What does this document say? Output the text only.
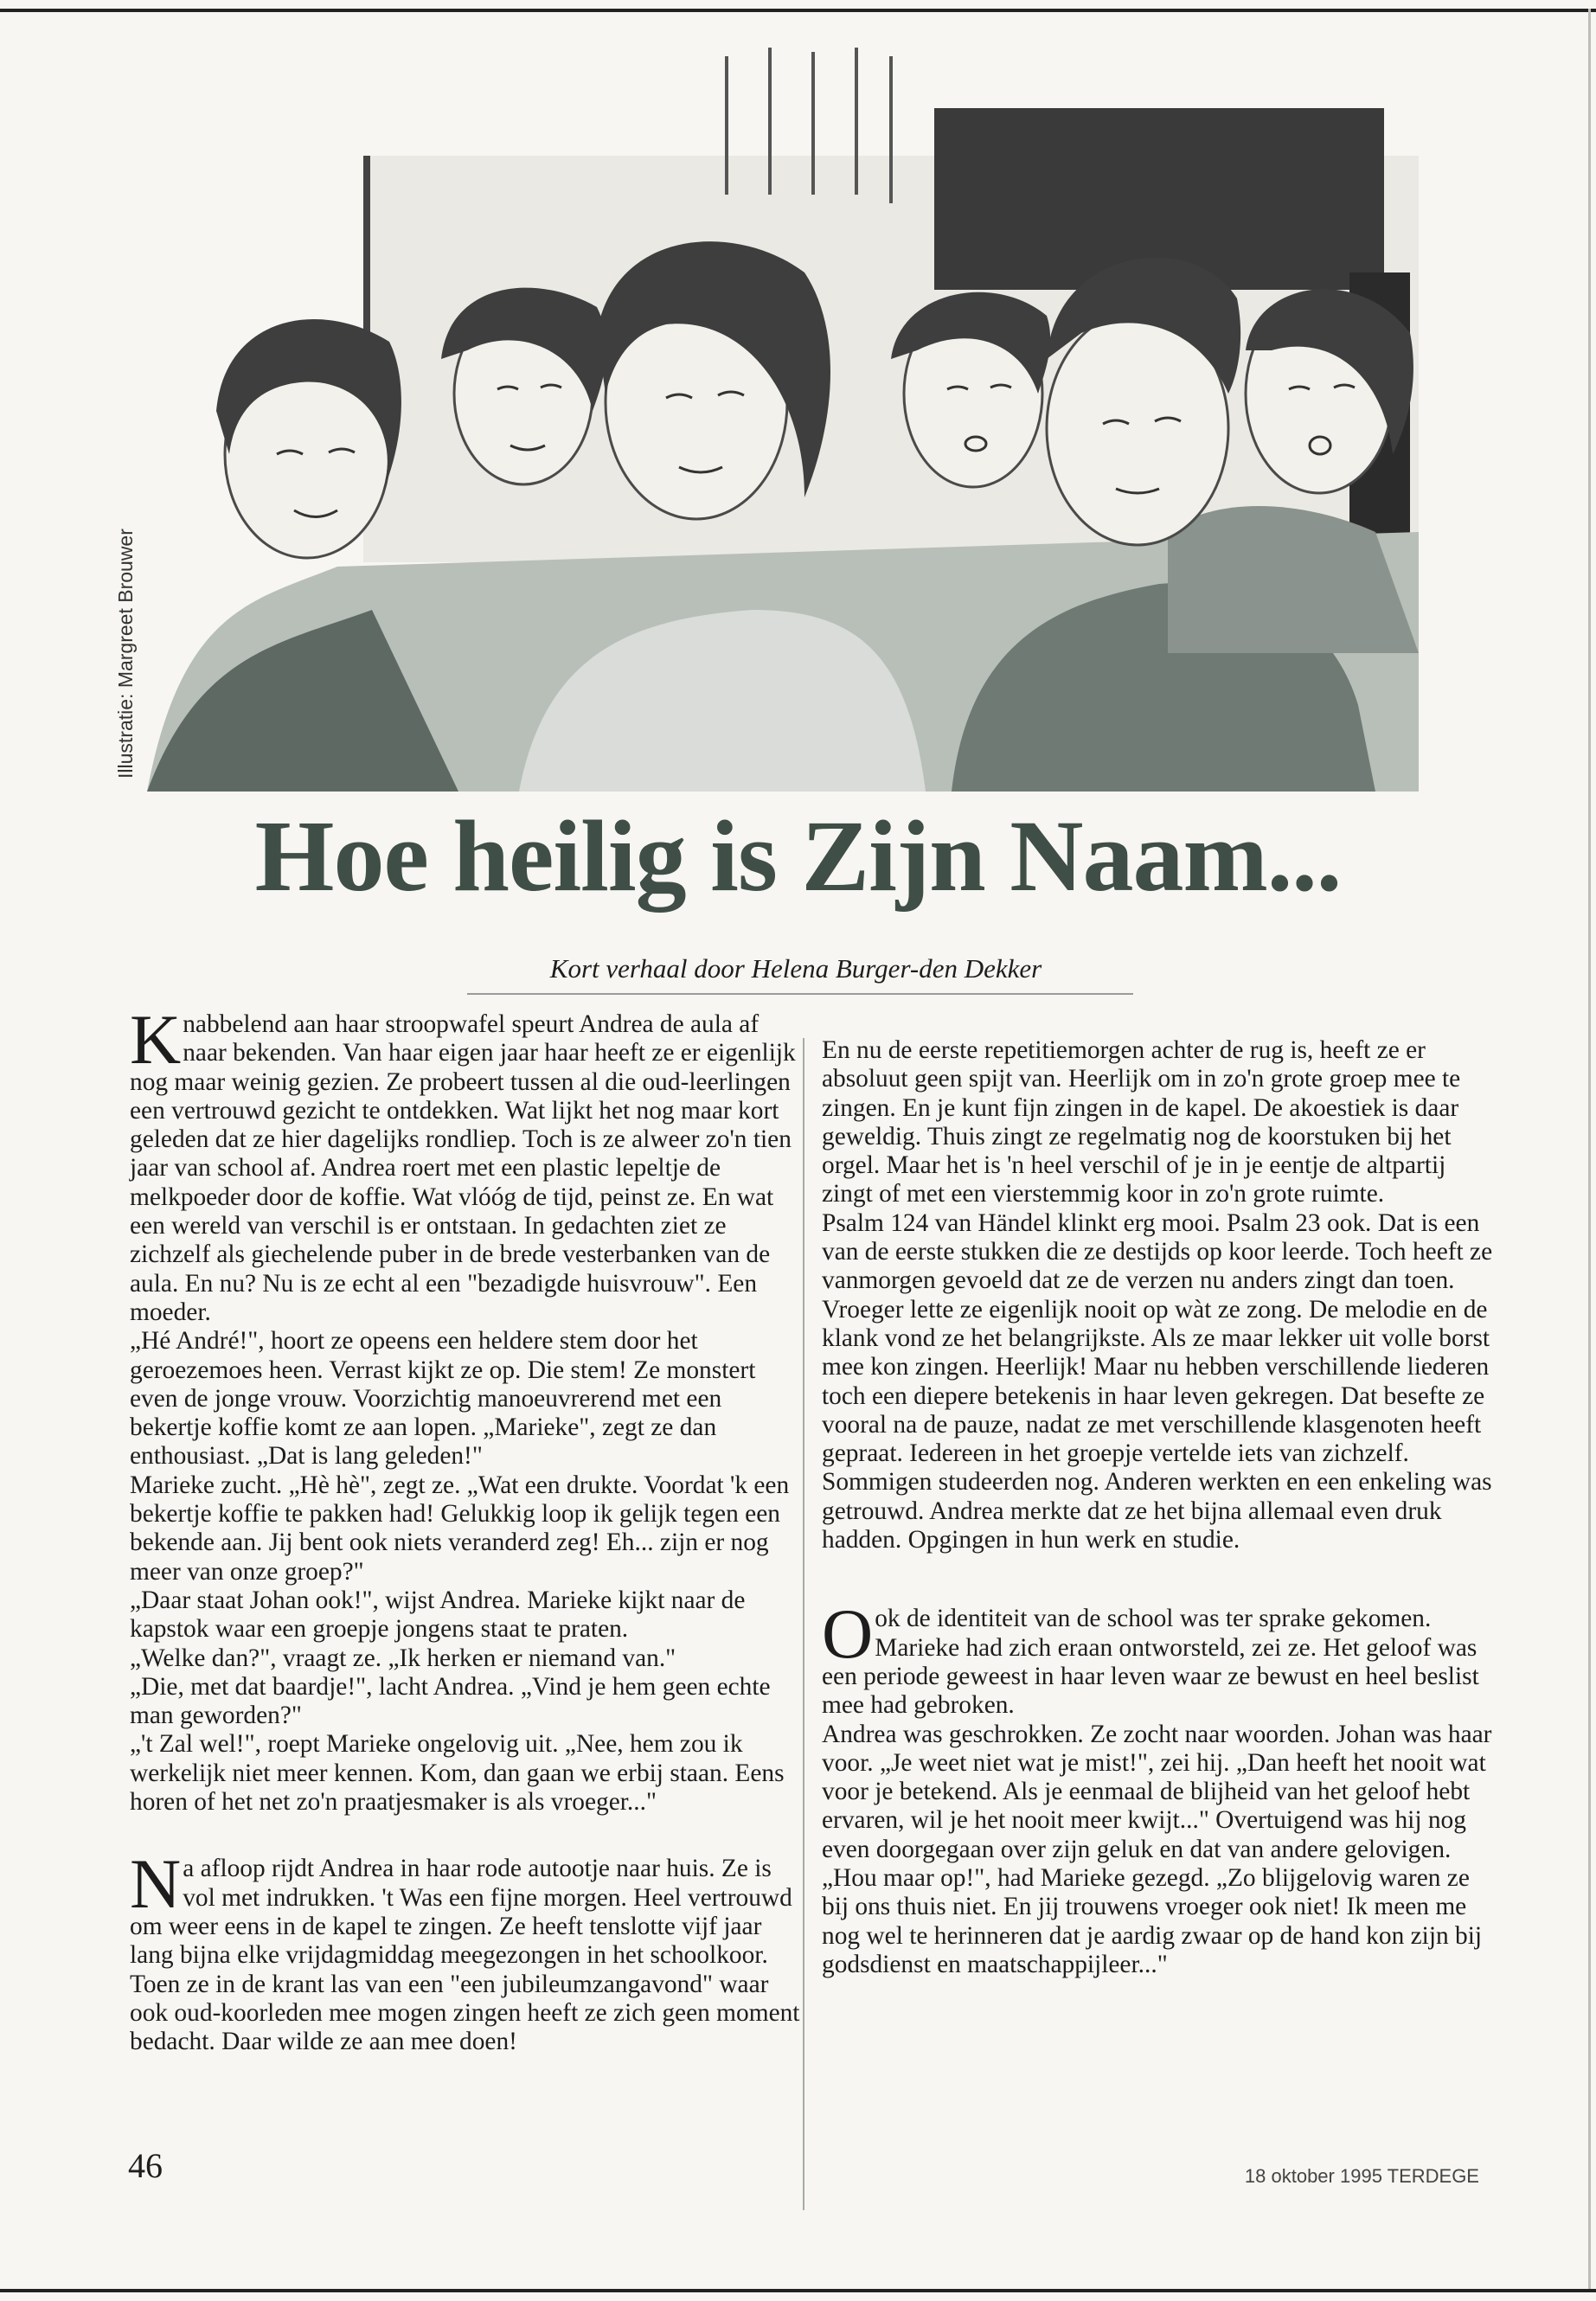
Illustratie: Margreet Brouwer
Hoe heilig is Zijn Naam...
Kort verhaal door Helena Burger-den Dekker

Knabbelend aan haar stroopwafel speurt Andrea de aula af naar bekenden. Van haar eigen jaar haar heeft ze er eigenlijk nog maar weinig gezien. Ze probeert tussen al die oud-leerlingen een vertrouwd gezicht te ontdekken. Wat lijkt het nog maar kort geleden dat ze hier dagelijks rondliep. Toch is ze alweer zo'n tien jaar van school af. Andrea roert met een plastic lepeltje de melkpoeder door de koffie. Wat vlóóg de tijd, peinst ze. En wat een wereld van verschil is er ontstaan. In gedachten ziet ze zichzelf als giechelende puber in de brede vesterbanken van de aula. En nu? Nu is ze echt al een "bezadigde huisvrouw". Een moeder.

„Hé André!", hoort ze opeens een heldere stem door het geroezemoes heen. Verrast kijkt ze op. Die stem! Ze monstert even de jonge vrouw. Voorzichtig manoeuvrerend met een bekertje koffie komt ze aan lopen. „Marieke", zegt ze dan enthousiast. „Dat is lang geleden!"

Marieke zucht. „Hè hè", zegt ze. „Wat een drukte. Voordat 'k een bekertje koffie te pakken had! Gelukkig loop ik gelijk tegen een bekende aan. Jij bent ook niets veranderd zeg! Eh... zijn er nog meer van onze groep?"

„Daar staat Johan ook!", wijst Andrea. Marieke kijkt naar de kapstok waar een groepje jongens staat te praten.

„Welke dan?", vraagt ze. „Ik herken er niemand van."

„Die, met dat baardje!", lacht Andrea. „Vind je hem geen echte man geworden?"

„'t Zal wel!", roept Marieke ongelovig uit. „Nee, hem zou ik werkelijk niet meer kennen. Kom, dan gaan we erbij staan. Eens horen of het net zo'n praatjesmaker is als vroeger..."

Na afloop rijdt Andrea in haar rode autootje naar huis. Ze is vol met indrukken. 't Was een fijne morgen. Heel vertrouwd om weer eens in de kapel te zingen. Ze heeft tenslotte vijf jaar lang bijna elke vrijdagmiddag meegezongen in het schoolkoor. Toen ze in de krant las van een "een jubileumzangavond" waar ook oud-koorleden mee mogen zingen heeft ze zich geen moment bedacht. Daar wilde ze aan mee doen!

En nu de eerste repetitiemorgen achter de rug is, heeft ze er absoluut geen spijt van. Heerlijk om in zo'n grote groep mee te zingen. En je kunt fijn zingen in de kapel. De akoestiek is daar geweldig. Thuis zingt ze regelmatig nog de koorstuken bij het orgel. Maar het is 'n heel verschil of je in je eentje de altpartij zingt of met een vierstemmig koor in zo'n grote ruimte.

Psalm 124 van Händel klinkt erg mooi. Psalm 23 ook. Dat is een van de eerste stukken die ze destijds op koor leerde. Toch heeft ze vanmorgen gevoeld dat ze de verzen nu anders zingt dan toen. Vroeger lette ze eigenlijk nooit op wàt ze zong. De melodie en de klank vond ze het belangrijkste. Als ze maar lekker uit volle borst mee kon zingen. Heerlijk! Maar nu hebben verschillende liederen toch een diepere betekenis in haar leven gekregen. Dat besefte ze vooral na de pauze, nadat ze met verschillende klasgenoten heeft gepraat. Iedereen in het groepje vertelde iets van zichzelf. Sommigen studeerden nog. Anderen werkten en een enkeling was getrouwd. Andrea merkte dat ze het bijna allemaal even druk hadden. Opgingen in hun werk en studie.

Ook de identiteit van de school was ter sprake gekomen. Marieke had zich eraan ontworsteld, zei ze. Het geloof was een periode geweest in haar leven waar ze bewust en heel beslist mee had gebroken.

Andrea was geschrokken. Ze zocht naar woorden. Johan was haar voor. „Je weet niet wat je mist!", zei hij. „Dan heeft het nooit wat voor je betekend. Als je eenmaal de blijheid van het geloof hebt ervaren, wil je het nooit meer kwijt..." Overtuigend was hij nog even doorgegaan over zijn geluk en dat van andere gelovigen.

„Hou maar op!", had Marieke gezegd. „Zo blijgelovig waren ze bij ons thuis niet. En jij trouwens vroeger ook niet! Ik meen me nog wel te herinneren dat je aardig zwaar op de hand kon zijn bij godsdienst en maatschappijleer..."

46	18 oktober 1995 TERDEGE
